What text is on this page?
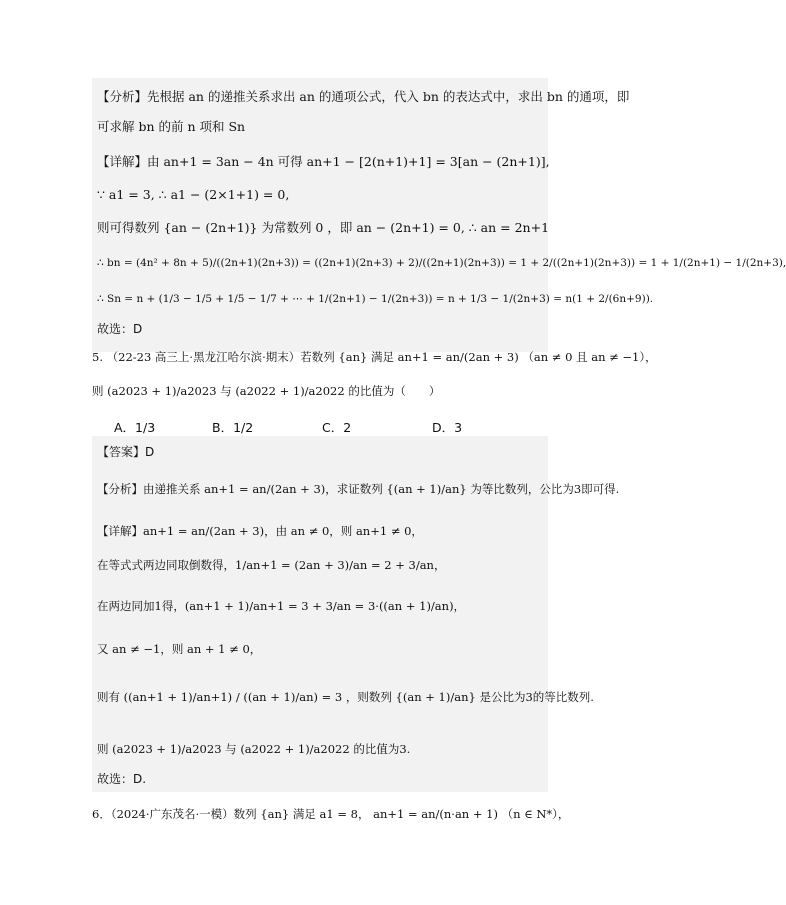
【分析】先根据 an 的递推关系求出 an 的通项公式，代入 bn 的表达式中，求出 bn 的通项，即
可求解 bn 的前 n 项和 Sn
【详解】由 an+1 = 3an − 4n 可得 an+1 − [2(n+1)+1] = 3[an − (2n+1)],
∵ a1 = 3, ∴ a1 − (2×1+1) = 0,
则可得数列 {an − (2n+1)} 为常数列 0 ，即 an − (2n+1) = 0, ∴ an = 2n+1
∴ bn = (4n² + 8n + 5)/((2n+1)(2n+3)) = ((2n+1)(2n+3) + 2)/((2n+1)(2n+3)) = 1 + 2/((2n+1)(2n+3)) = 1 + 1/(2n+1) − 1/(2n+3),
∴ Sn = n + (1/3 − 1/5 + 1/5 − 1/7 + ⋯ + 1/(2n+1) − 1/(2n+3)) = n + 1/3 − 1/(2n+3) = n(1 + 2/(6n+9)).
故选：D
5. （22-23 高三上·黑龙江哈尔滨·期末）若数列 {an} 满足 an+1 = an/(2an + 3) （an ≠ 0 且 an ≠ −1），
则 (a2023 + 1)/a2023 与 (a2022 + 1)/a2022 的比值为（　　）
A．1/3	B．1/2	C．2	D．3
【答案】D
【分析】由递推关系 an+1 = an/(2an + 3)，求证数列 {(an + 1)/an} 为等比数列，公比为3即可得.
【详解】an+1 = an/(2an + 3)，由 an ≠ 0，则 an+1 ≠ 0，
在等式式两边同取倒数得，1/an+1 = (2an + 3)/an = 2 + 3/an，
在两边同加1得，(an+1 + 1)/an+1 = 3 + 3/an = 3·((an + 1)/an)，
又 an ≠ −1，则 an + 1 ≠ 0，
则有 ((an+1 + 1)/an+1) / ((an + 1)/an) = 3 ，则数列 {(an + 1)/an} 是公比为3的等比数列.
则 (a2023 + 1)/a2023 与 (a2022 + 1)/a2022 的比值为3.
故选：D.
6．（2024·广东茂名·一模）数列 {an} 满足 a1 = 8， an+1 = an/(n·an + 1) （n ∈ N*），
